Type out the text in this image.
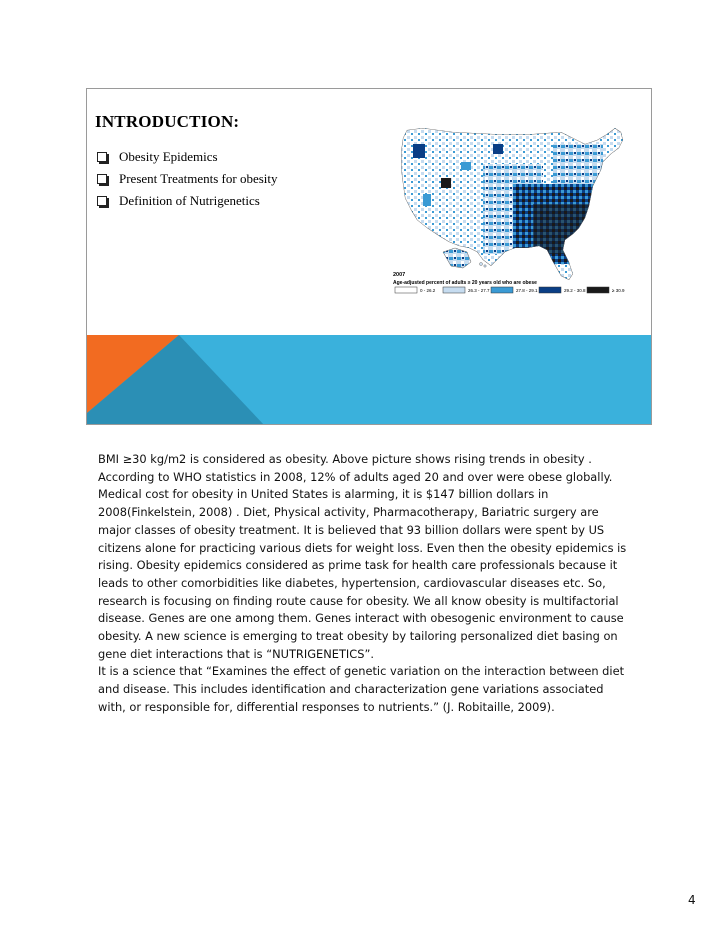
INTRODUCTION:
Obesity Epidemics
Present Treatments for obesity
Definition of Nutrigenetics
2007
Age-adjusted percent of adults ≥ 20 years old who are obese
0 - 26.2	26.3 - 27.7	27.8 - 29.1	29.2 - 30.8	≥ 30.9

BMI ≥30 kg/m2 is considered as obesity. Above picture shows rising trends in obesity . According to WHO statistics in 2008, 12% of adults aged 20 and over were obese globally. Medical cost for obesity in United States is alarming, it is $147 billion dollars in 2008(Finkelstein, 2008) . Diet, Physical activity, Pharmacotherapy, Bariatric surgery are major classes of obesity treatment. It is believed that 93 billion dollars were spent by US citizens alone for practicing various diets for weight loss. Even then the obesity epidemics is rising. Obesity epidemics considered as prime task for health care professionals because it leads to other comorbidities like diabetes, hypertension, cardiovascular diseases etc. So, research is focusing on finding route cause for obesity. We all know obesity is multifactorial disease. Genes are one among them. Genes interact with obesogenic environment to cause obesity. A new science is emerging to treat obesity by tailoring personalized diet basing on gene diet interactions that is “NUTRIGENETICS”.

It is a science that “Examines the effect of genetic variation on the interaction between diet and disease. This includes identification and characterization gene variations associated with, or responsible for, differential responses to nutrients.” (J. Robitaille, 2009).

4
